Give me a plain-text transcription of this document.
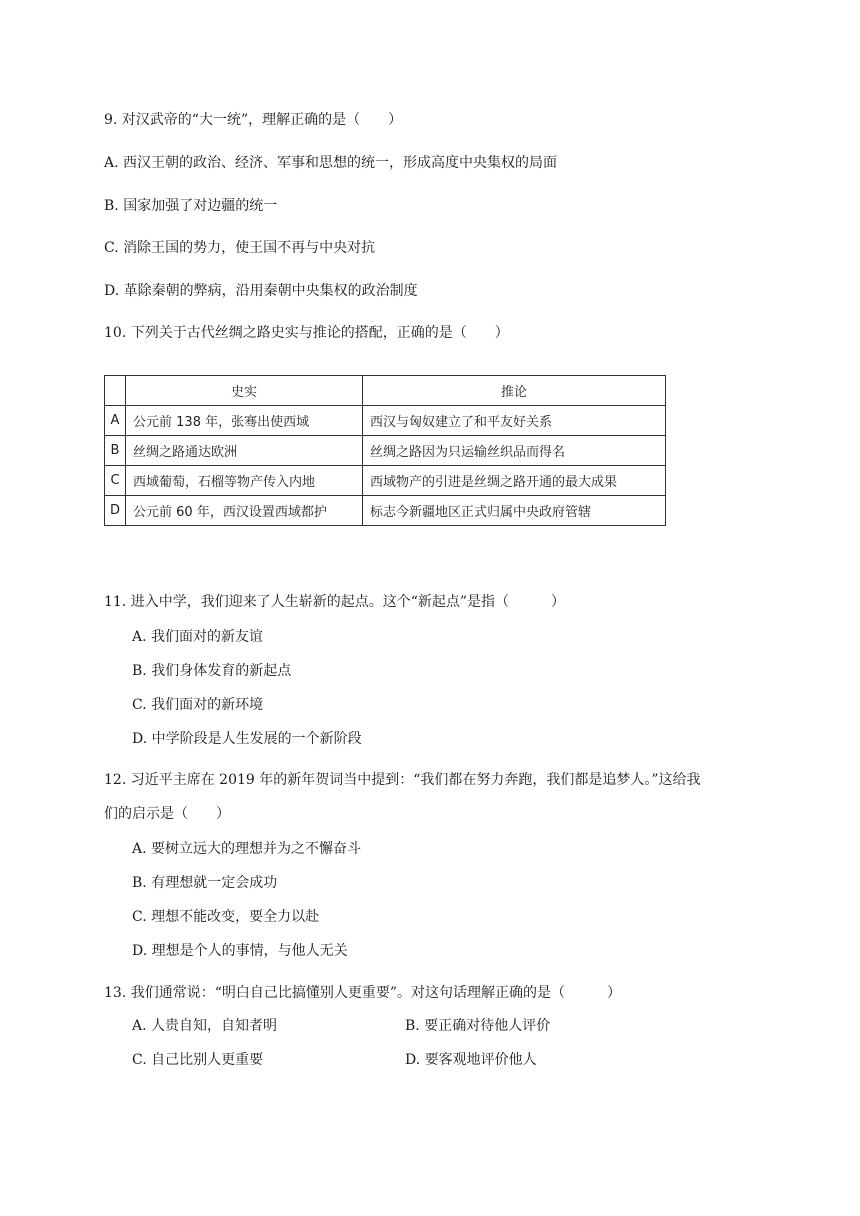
9. 对汉武帝的“大一统”，理解正确的是（　　）
A. 西汉王朝的政治、经济、军事和思想的统一，形成高度中央集权的局面
B. 国家加强了对边疆的统一
C. 消除王国的势力，使王国不再与中央对抗
D. 革除秦朝的弊病，沿用秦朝中央集权的政治制度
10. 下列关于古代丝绸之路史实与推论的搭配，正确的是（　　）
	史实	推论
A	公元前 138 年，张骞出使西域	西汉与匈奴建立了和平友好关系
B	丝绸之路通达欧洲	丝绸之路因为只运输丝织品而得名
C	西域葡萄，石榴等物产传入内地	西域物产的引进是丝绸之路开通的最大成果
D	公元前 60 年，西汉设置西域都护	标志今新疆地区正式归属中央政府管辖
11. 进入中学，我们迎来了人生崭新的起点。这个“新起点”是指（　　　）
A. 我们面对的新友谊
B. 我们身体发育的新起点
C. 我们面对的新环境
D. 中学阶段是人生发展的一个新阶段
12. 习近平主席在 2019 年的新年贺词当中提到：“我们都在努力奔跑，我们都是追梦人。”这给我
们的启示是（　　）
A. 要树立远大的理想并为之不懈奋斗
B. 有理想就一定会成功
C. 理想不能改变，要全力以赴
D. 理想是个人的事情，与他人无关
13. 我们通常说：“明白自己比搞懂别人更重要”。对这句话理解正确的是（　　　）
A. 人贵自知，自知者明	B. 要正确对待他人评价
C. 自己比别人更重要	D. 要客观地评价他人
